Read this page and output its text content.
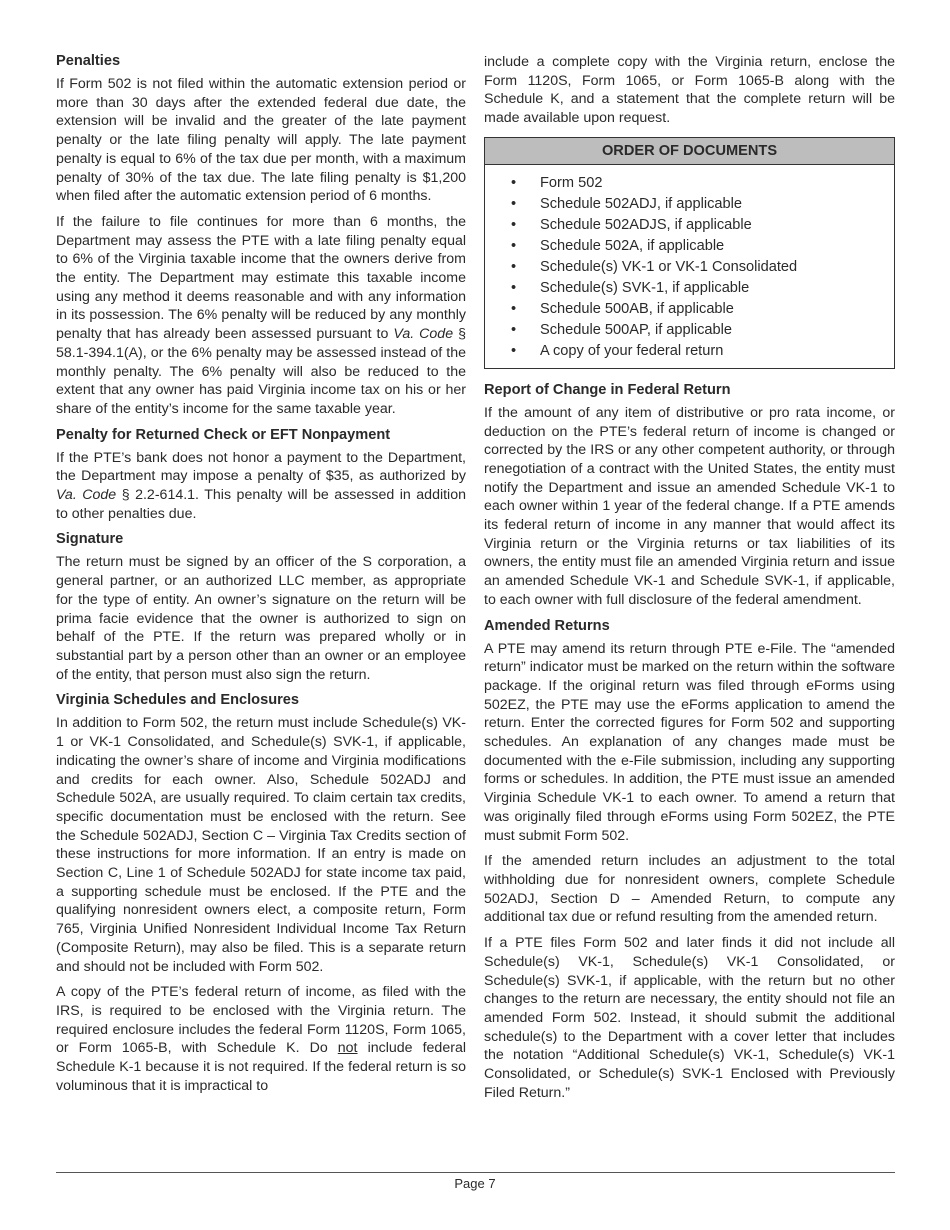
Penalties
If Form 502 is not filed within the automatic extension period or more than 30 days after the extended federal due date, the extension will be invalid and the greater of the late payment penalty or the late filing penalty will apply. The late payment penalty is equal to 6% of the tax due per month, with a maximum penalty of 30% of the tax due. The late filing penalty is $1,200 when filed after the automatic extension period of 6 months.
If the failure to file continues for more than 6 months, the Department may assess the PTE with a late filing penalty equal to 6% of the Virginia taxable income that the owners derive from the entity. The Department may estimate this taxable income using any method it deems reasonable and with any information in its possession. The 6% penalty will be reduced by any monthly penalty that has already been assessed pursuant to Va. Code § 58.1-394.1(A), or the 6% penalty may be assessed instead of the monthly penalty. The 6% penalty will also be reduced to the extent that any owner has paid Virginia income tax on his or her share of the entity’s income for the same taxable year.
Penalty for Returned Check or EFT Nonpayment
If the PTE’s bank does not honor a payment to the Department, the Department may impose a penalty of $35, as authorized by Va. Code § 2.2-614.1. This penalty will be assessed in addition to other penalties due.
Signature
The return must be signed by an officer of the S corporation, a general partner, or an authorized LLC member, as appropriate for the type of entity. An owner’s signature on the return will be prima facie evidence that the owner is authorized to sign on behalf of the PTE. If the return was prepared wholly or in substantial part by a person other than an owner or an employee of the entity, that person must also sign the return.
Virginia Schedules and Enclosures
In addition to Form 502, the return must include Schedule(s) VK-1 or VK-1 Consolidated, and Schedule(s) SVK-1, if applicable, indicating the owner’s share of income and Virginia modifications and credits for each owner. Also, Schedule 502ADJ and Schedule 502A, are usually required. To claim certain tax credits, specific documentation must be enclosed with the return. See the Schedule 502ADJ, Section C – Virginia Tax Credits section of these instructions for more information. If an entry is made on Section C, Line 1 of Schedule 502ADJ for state income tax paid, a supporting schedule must be enclosed. If the PTE and the qualifying nonresident owners elect, a composite return, Form 765, Virginia Unified Nonresident Individual Income Tax Return (Composite Return), may also be filed. This is a separate return and should not be included with Form 502.
A copy of the PTE’s federal return of income, as filed with the IRS, is required to be enclosed with the Virginia return. The required enclosure includes the federal Form 1120S, Form 1065, or Form 1065-B, with Schedule K. Do not include federal Schedule K-1 because it is not required. If the federal return is so voluminous that it is impractical to
include a complete copy with the Virginia return, enclose the Form 1120S, Form 1065, or Form 1065-B along with the Schedule K, and a statement that the complete return will be made available upon request.
ORDER OF DOCUMENTS
• Form 502
• Schedule 502ADJ, if applicable
• Schedule 502ADJS, if applicable
• Schedule 502A, if applicable
• Schedule(s) VK-1 or VK-1 Consolidated
• Schedule(s) SVK-1, if applicable
• Schedule 500AB, if applicable
• Schedule 500AP, if applicable
• A copy of your federal return
Report of Change in Federal Return
If the amount of any item of distributive or pro rata income, or deduction on the PTE’s federal return of income is changed or corrected by the IRS or any other competent authority, or through renegotiation of a contract with the United States, the entity must notify the Department and issue an amended Schedule VK-1 to each owner within 1 year of the federal change. If a PTE amends its federal return of income in any manner that would affect its Virginia return or the Virginia returns or tax liabilities of its owners, the entity must file an amended Virginia return and issue an amended Schedule VK-1 and Schedule SVK-1, if applicable, to each owner with full disclosure of the federal amendment.
Amended Returns
A PTE may amend its return through PTE e-File. The “amended return” indicator must be marked on the return within the software package. If the original return was filed through eForms using 502EZ, the PTE may use the eForms application to amend the return. Enter the corrected figures for Form 502 and supporting schedules. An explanation of any changes made must be documented with the e-File submission, including any supporting forms or schedules. In addition, the PTE must issue an amended Virginia Schedule VK-1 to each owner. To amend a return that was originally filed through eForms using Form 502EZ, the PTE must submit Form 502.
If the amended return includes an adjustment to the total withholding due for nonresident owners, complete Schedule 502ADJ, Section D – Amended Return, to compute any additional tax due or refund resulting from the amended return.
If a PTE files Form 502 and later finds it did not include all Schedule(s) VK-1, Schedule(s) VK-1 Consolidated, or Schedule(s) SVK-1, if applicable, with the return but no other changes to the return are necessary, the entity should not file an amended Form 502. Instead, it should submit the additional schedule(s) to the Department with a cover letter that includes the notation “Additional Schedule(s) VK-1, Schedule(s) VK-1 Consolidated, or Schedule(s) SVK-1 Enclosed with Previously Filed Return.”
Page 7
